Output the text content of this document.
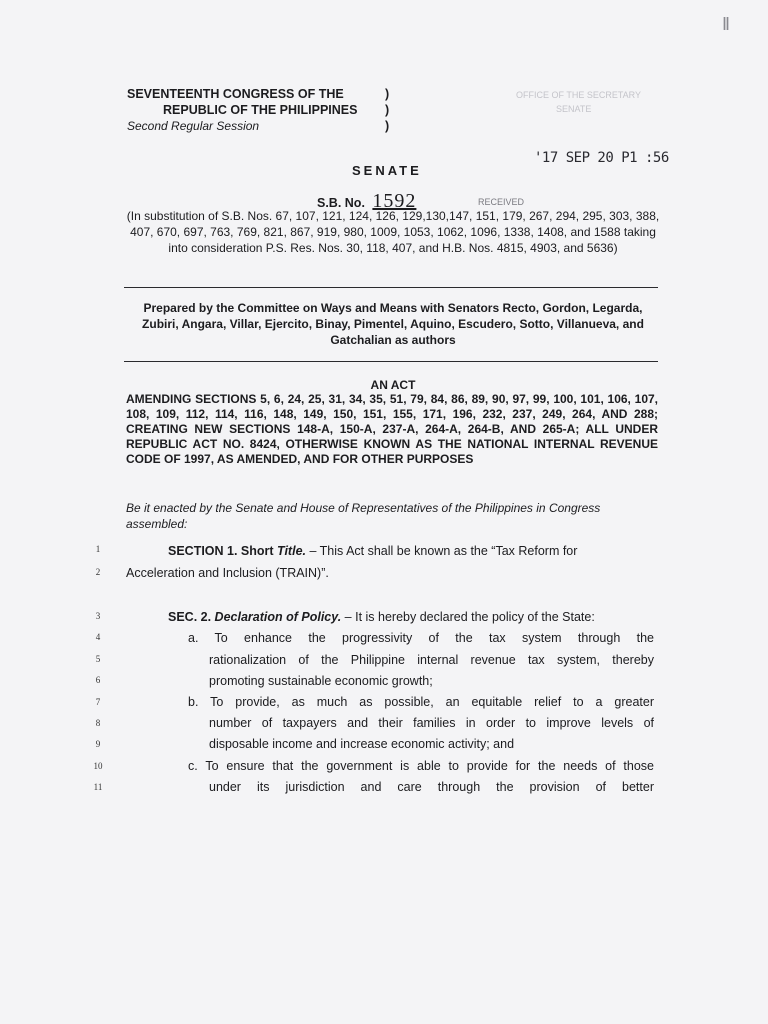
ΙΙ
SEVENTEENTH CONGRESS OF THE
REPUBLIC OF THE PHILIPPINES
Second Regular Session
)
)
)
OFFICE OF THE SECRETARY
SENATE
'17 SEP 20 P1 :56
SENATE
S.B. No. 1592	RECEIVED
(In substitution of S.B. Nos. 67, 107, 121, 124, 126, 129,130,147, 151, 179, 267, 294, 295, 303, 388, 407, 670, 697, 763, 769, 821, 867, 919, 980, 1009, 1053, 1062, 1096, 1338, 1408, and 1588 taking into consideration P.S. Res. Nos. 30, 118, 407, and H.B. Nos. 4815, 4903, and 5636)
Prepared by the Committee on Ways and Means with Senators Recto, Gordon, Legarda, Zubiri, Angara, Villar, Ejercito, Binay, Pimentel, Aquino, Escudero, Sotto, Villanueva, and Gatchalian as authors
AN ACT
AMENDING SECTIONS 5, 6, 24, 25, 31, 34, 35, 51, 79, 84, 86, 89, 90, 97, 99, 100, 101, 106, 107, 108, 109, 112, 114, 116, 148, 149, 150, 151, 155, 171, 196, 232, 237, 249, 264, AND 288; CREATING NEW SECTIONS 148-A, 150-A, 237-A, 264-A, 264-B, AND 265-A; ALL UNDER REPUBLIC ACT NO. 8424, OTHERWISE KNOWN AS THE NATIONAL INTERNAL REVENUE CODE OF 1997, AS AMENDED, AND FOR OTHER PURPOSES
Be it enacted by the Senate and House of Representatives of the Philippines in Congress assembled:
1	SECTION 1. Short Title. – This Act shall be known as the “Tax Reform for
2	Acceleration and Inclusion (TRAIN)”.
3	SEC. 2. Declaration of Policy. – It is hereby declared the policy of the State:
4	a. To enhance the progressivity of the tax system through the
5	rationalization of the Philippine internal revenue tax system, thereby
6	promoting sustainable economic growth;
7	b. To provide, as much as possible, an equitable relief to a greater
8	number of taxpayers and their families in order to improve levels of
9	disposable income and increase economic activity; and
10	c. To ensure that the government is able to provide for the needs of those
11	under its jurisdiction and care through the provision of better
